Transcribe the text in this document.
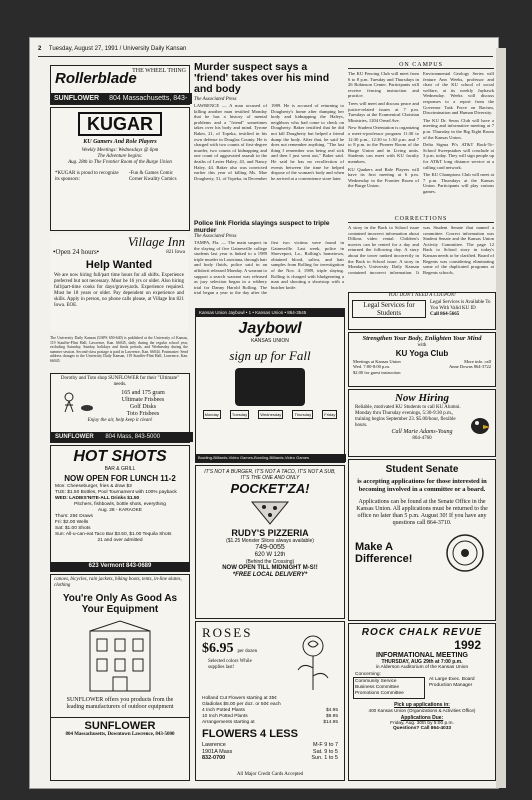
2 Tuesday, August 27, 1991 / University Daily Kansan
Rollerblade
THE WHEEL THING
SUNFLOWER 804 Massachusetts, 843-
KUGAR
KU Gamers And Role Players
Weekly Meetings: Wednesdays @ 6pm
The Adventure begins:
Aug. 28th in The Frontier Room of the Burge Union
*KUGAR is proud to recognize its sponsors:
-Fun & Games Comic Corner Kwality Comics
•Open 24 hours•
Village Inn
821 Iowa
Help Wanted
We are now hiring full/part time hours for all shifts. Experience preferred but not necessary. Must be 16 yrs or older. Also hiring full/part-time cooks for days/graveyards. Experience required. Must be 18 years or older. Pay dependent on experience and skills. Apply in person, no phone calls please, at Village Inn 821 Iowa. EOE.
The University Daily Kansan (USPS 650-640) is published at the University of Kansas, 119 Stauffer-Flint Hall, Lawrence, Kan. 66045, daily during the regular school year, excluding Saturday, Sunday, holidays and finals periods, and Wednesday during the summer session. Second-class postage is paid in Lawrence, Kan. 66044. Postmaster: Send address changes to the University Daily Kansan, 119 Stauffer-Flint Hall, Lawrence, Kan. 66045.
Dorothy and Toto shop SUNFLOWER for their "Ultimate" needs.
165 and 175 gram
Ultimate Frisbees
Golf Disks
Toto Frisbees
Enjoy the air, help keep it clean!
SUNFLOWER 804 Mass, 843-5000
HOT SHOTS
BAR & GRILL
NOW OPEN FOR LUNCH 11-2
Mon: Cheeseburger, fries & draw $3
TUE: $1.50 Bottles, Pool Tournament with 100% payback
WED: LADIES'NITE-ALL Drinks $1.50
Pitchers, fishbowls, bottle shots, everything
Aug. 28 - KARAOKE
Thurs: 25¢ Draws
Fri: $2.00 Wells
Sat: $1.00 Shots
Sun: All-u-can-eat Taco Bar $3.50, $1.00 Tequila Shots
21 and over admitted
623 Vermont 843-0689
canoes, bicycles, rain jackets, hiking boots, tents, in-line skates, clothing
You're Only As Good As Your Equipment
SUNFLOWER offers you products from the leading manufacturers of outdoor equipment
SUNFLOWER
804 Massachusetts, Downtown Lawrence, 843-5000
Murder suspect says a 'friend' takes over his mind and body
The Associated Press
LAWRENCE — A man accused of killing another man testified Monday that he has a history of mental problems and a "friend" sometimes takes over his body and mind. Tyrone Baker, 21, of Topeka, testified in his own defense in Douglas County. He is charged with two counts of first-degree murder, two counts of kidnapping and one count of aggravated assault in the deaths of Lester Haley, 43, and Nancy Haley, 44. Baker also was convicted earlier this year of killing Ms. Mae Dougherty, 31, of Topeka, in December 1989. He is accused of returning to Dougherty's home after dumping her body and kidnapping the Haleys, neighbors who had come to check on Dougherty. Baker testified that he did not kill Dougherty but helped a friend dump the body. After that, he said he does not remember anything. "The last thing I remember was being real sick and then I just went out," Baker said. He said he has no recollection of events between the time he helped dispose of the woman's body and when he arrived at a convenience store later.
Police link Florida slayings suspect to triple murder
The Associated Press
TAMPA, Fla. — The main suspect in the slaying of five Gainesville college students last year is linked to a 1989 triple murder in Louisiana, through hair and body fluids, police said in an affidavit released Monday. A warrant to support a search warrant was released as jury selection began in a robbery trial for Danny Harold Rolling. The trial began a year to the day after the first two victims were found in Gainesville. Last week, police in Shreveport, La., Rolling's hometown, obtained blood, saliva, and hair samples from Rolling for investigation of the Nov. 4, 1989, triple slaying. Rolling is charged with bludgeoning a man and shooting a shortstop with a butcher knife.
Kansas Union Jaybowl • 1 • Kansas Union • 864-3545
Jaybowl
KANSAS UNION
sign up for Fall
Monday	Tuesday	Wednesday	Thursday	Friday
Bowling-Billiards-Video Games-Bowling-Billiards-Video Games
IT'S NOT A BURGER, IT'S NOT A TACO, IT'S NOT A SUB, IT'S THE ONE AND ONLY
POCKET'ZA!
RUDY'S PIZZERIA
($1.25 Monster Slices always available)
749-0055
620 W 12th
(Behind the Crossing)
NOW OPEN TILL MIDNIGHT M-S!!
*FREE LOCAL DELIVERY*
ROSES
$6.95 per dozen
Selected colors While supplies last!
Holland Cut Flowers starting at 35¢
Gladiolas $5.00 per doz. or 50¢ each
4 Inch Potted Plants	$4.95
10 Inch Potted Plants	$9.95
Arrangements starting at	$14.95
FLOWERS 4 LESS
Lawrence
1901A Mass
832-0700
M-F 9 to 7
Sat. 9 to 5
Sun. 1 to 5
All Major Credit Cards Accepted
ON CAMPUS

The KU Fencing Club will meet from 6 to 8 p.m. Tuesday and Thursdays in 26 Robinson Center. Participants will receive fencing instruction and practice.

Trees will meet and discuss peace and justice-related issues at 7 p.m. Tuesdays at the Ecumenical Christian Ministries, 1204 Oread Ave.

New Student Orientation is organizing a meet-a-professor program 11:30 to 12:30 p.m., 12:30 to 1:30 p.m. and 7 to 8 p.m. in the Pioneer Room of the Burge Union and in Living units. Students can meet with KU faculty members.

KU Quakers and Rale Players will have its first meeting at 6 p.m. Wednesday in the Frontier Room of the Burge Union.

Environmental Geology Series will feature Ann Weeks, professor and chair of the KU school of social welfare, at its weekly Jayhawk Wednesday. Weeks will discuss responses to a report from the Governor Task Force on Racism, Discrimination and Human Diversity.

The KU Dr. Seuss Club will have a meeting and informative meeting at 7 p.m. Thursday in the Big Eight Room of the Kansas Union.

Delta Sigma Pi's AT&T Back-To-School Sweepstakes will conclude at 3 p.m. today. They will sign people up for AT&T long distance service at a calling card network.

The KU Champions Club will meet at 7 p.m. Thursdays at the Kansas Union. Participants will play various games.

CORRECTIONS
A story in the Back to School issue contained incorrect information about Dillons video rental. Children's movies can be rented for a day and returned the following day. A story about the tower ranked incorrectly in the Back to School issue. A story in Monday's University Daily Kansan contained incorrect information. It was Student Senate that named a committee. Correct information was Student Senate and the Kansas Union Activity Committee. The page 12 Back to School story in today's Kansan needs to be clarified. Board of Regents was considering eliminating some of the duplicated programs at Regents schools.
YOU DON'T NEED A COUPON!
Legal Services for Students
Legal Services is Available To You With Valid KU ID
Call 864-5665
Strengthen Your Body, Enlighten Your Mind
with
KU Yoga Club
Meetings at Kansas Union
Wed. 7:00-8:00 p.m.
$2.00 for guest instruction
More info. call
Anne Downs 864-3722
Now Hiring
Reliable, motivated KU Students to call KU Alumni. Monday thru Thursday evenings, 5:30-9:30 p.m., training begins September 23. $5.00/hour, flexible hours.
Call Marie Adams-Young
864-4760
Student Senate
is accepting applications for those interested in becoming involved in a committee or a board.
Applications can be found at the Senate Office in the Kansas Union. All applications must be returned to the office no later than 5 p.m. August 30! If you have any questions call 864-3710.
Make A Difference!
ROCK CHALK REVUE
1992
INFORMATIONAL MEETING
THURSDAY, AUG 29th at 7:00 p.m.
in Alderson Auditorium of the Kansas Union
Concerning:
Community Service
Business Committee
Promotions Committee
At Large Exec. Board
Production Manager
Pick up applications in:
400 Kansas Union (Organizations & Activities Office)
Applications Due:
Friday, Aug. 30th by 5:00 p.m.
Questions? Call 864-4033
